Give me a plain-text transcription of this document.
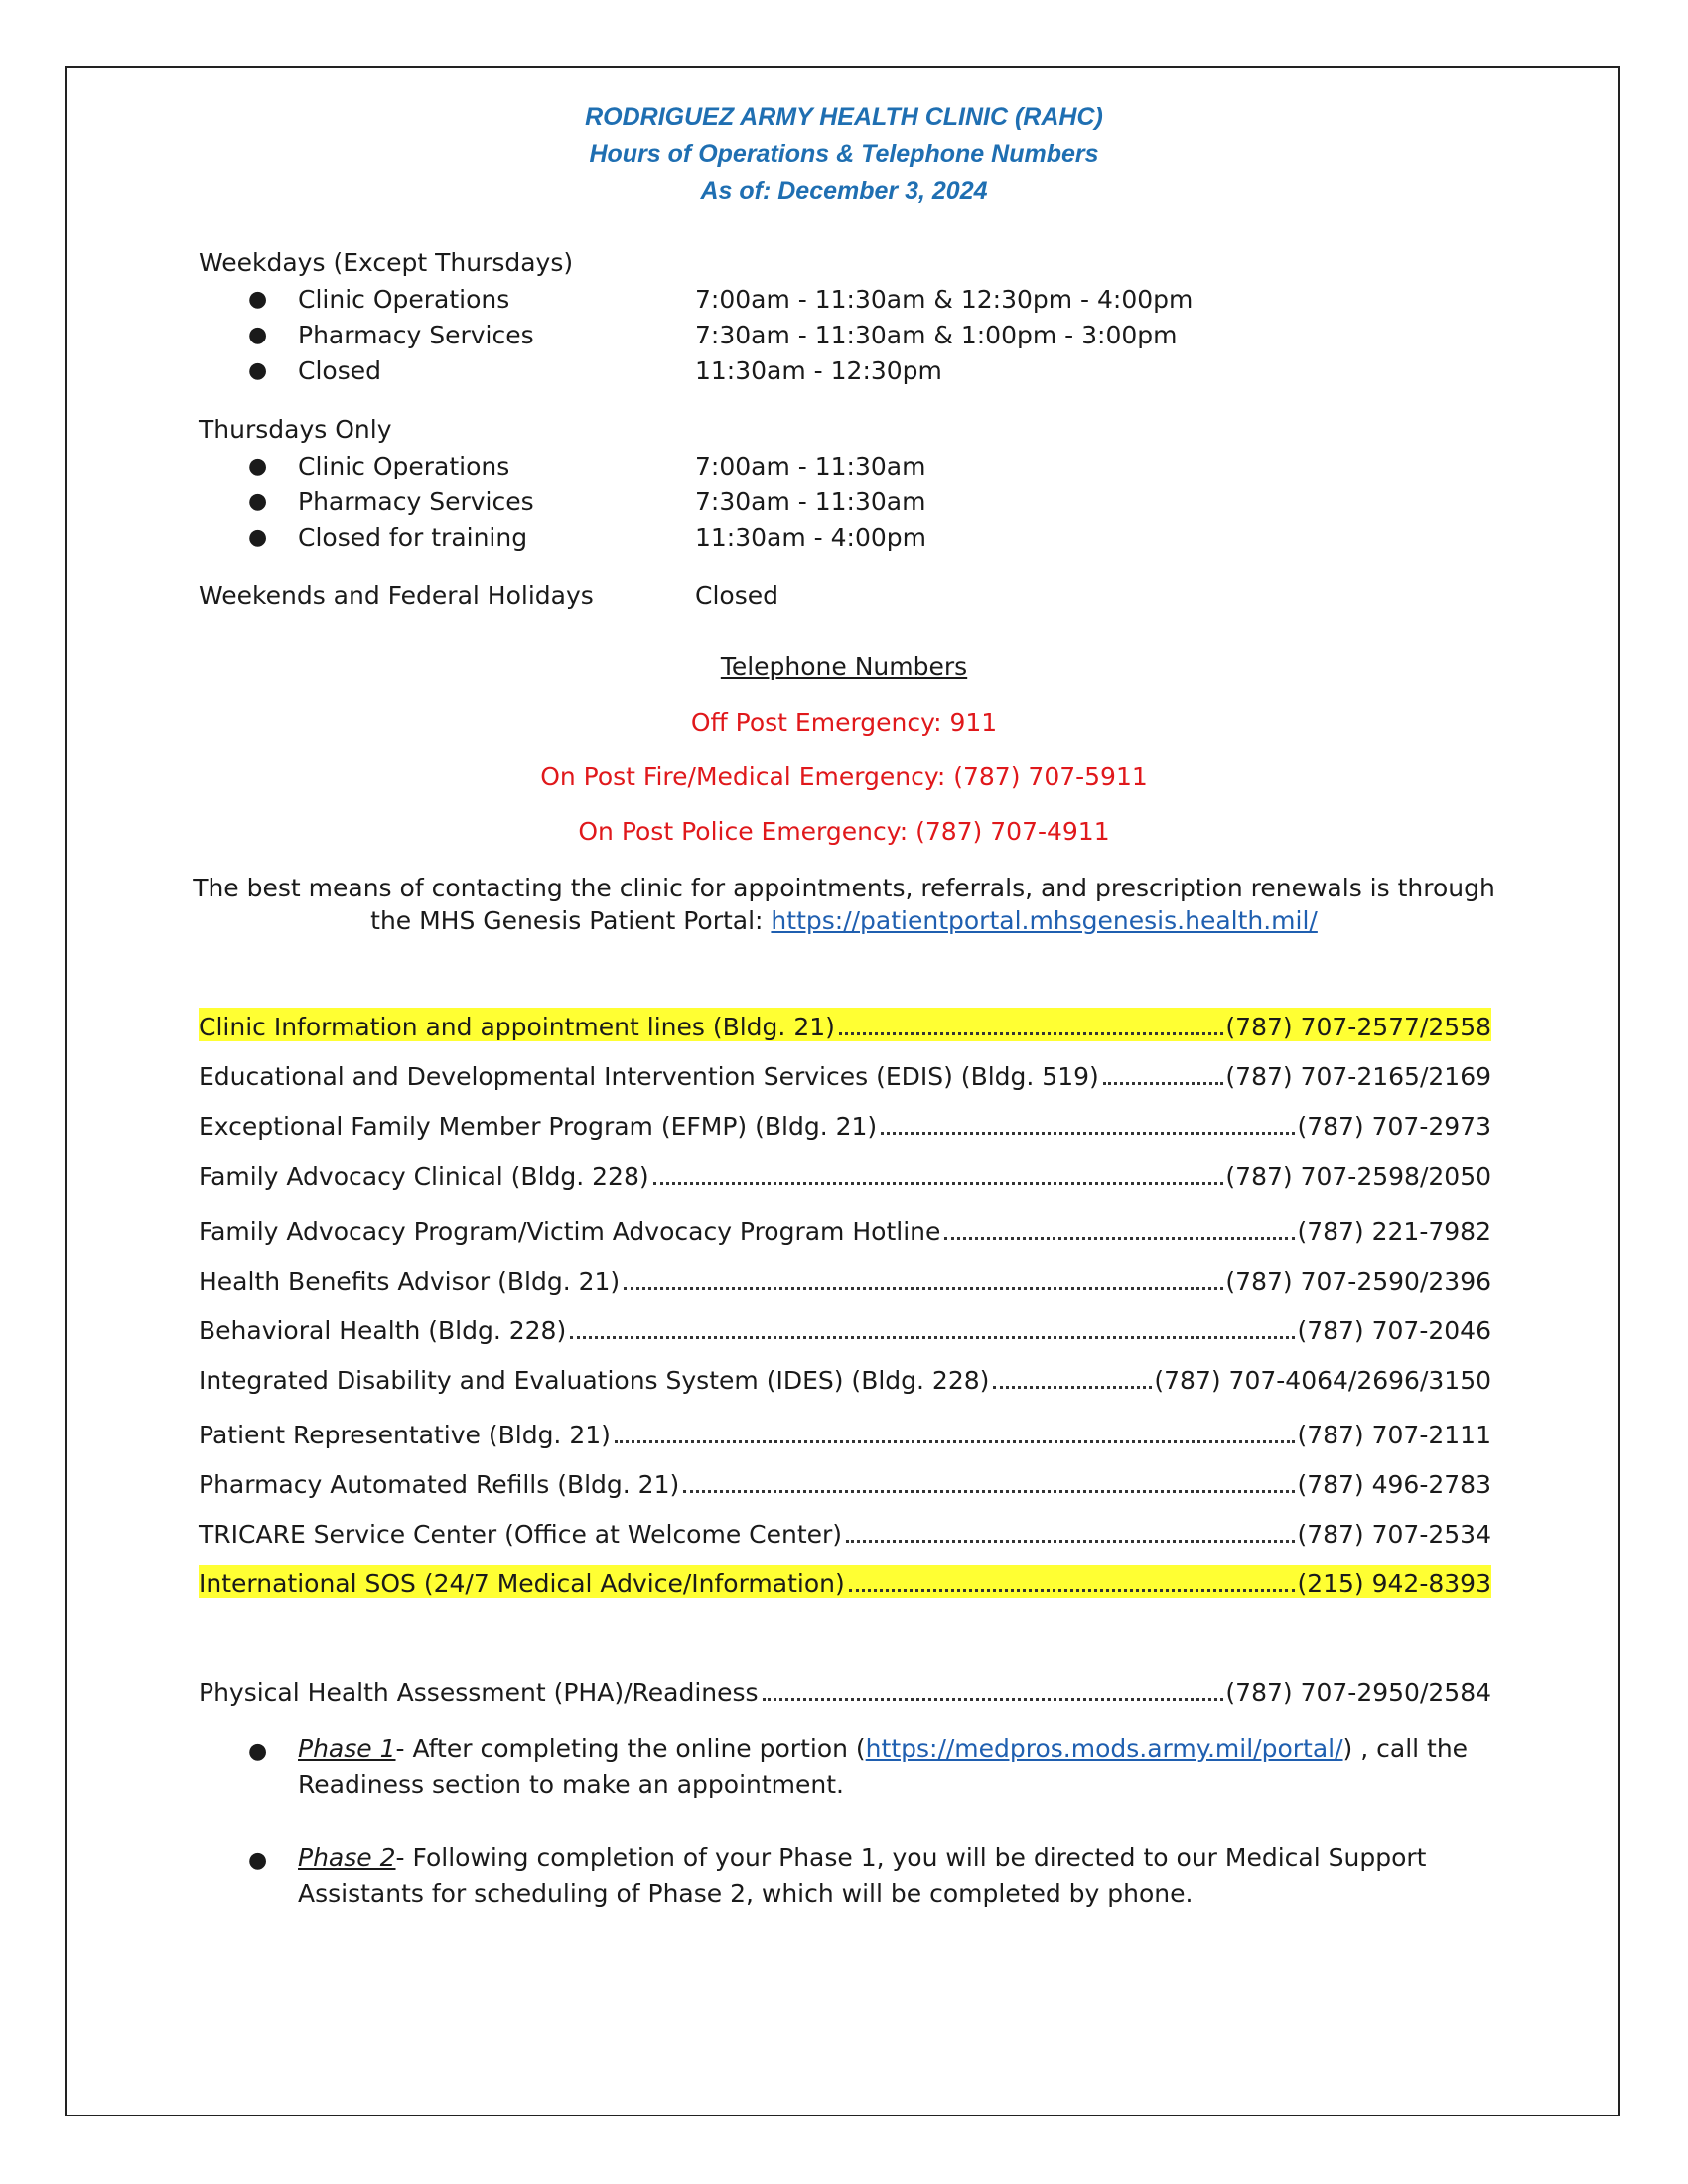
RODRIGUEZ ARMY HEALTH CLINIC (RAHC)
Hours of Operations & Telephone Numbers
As of: December 3, 2024
Weekdays (Except Thursdays)
● Clinic Operations	7:00am - 11:30am & 12:30pm - 4:00pm
● Pharmacy Services	7:30am - 11:30am & 1:00pm - 3:00pm
● Closed	11:30am - 12:30pm
Thursdays Only
● Clinic Operations	7:00am - 11:30am
● Pharmacy Services	7:30am - 11:30am
● Closed for training	11:30am - 4:00pm
Weekends and Federal Holidays	Closed
Telephone Numbers
Off Post Emergency: 911
On Post Fire/Medical Emergency: (787) 707-5911
On Post Police Emergency: (787) 707-4911
The best means of contacting the clinic for appointments, referrals, and prescription renewals is through
the MHS Genesis Patient Portal: https://patientportal.mhsgenesis.health.mil/
Clinic Information and appointment lines (Bldg. 21)	(787) 707-2577/2558
Educational and Developmental Intervention Services (EDIS) (Bldg. 519)	(787) 707-2165/2169
Exceptional Family Member Program (EFMP) (Bldg. 21)	(787) 707-2973
Family Advocacy Clinical (Bldg. 228)	(787) 707-2598/2050
Family Advocacy Program/Victim Advocacy Program Hotline	(787) 221-7982
Health Benefits Advisor (Bldg. 21)	(787) 707-2590/2396
Behavioral Health (Bldg. 228)	(787) 707-2046
Integrated Disability and Evaluations System (IDES) (Bldg. 228)	(787) 707-4064/2696/3150
Patient Representative (Bldg. 21)	(787) 707-2111
Pharmacy Automated Refills (Bldg. 21)	(787) 496-2783
TRICARE Service Center (Office at Welcome Center)	(787) 707-2534
International SOS (24/7 Medical Advice/Information)	(215) 942-8393
Physical Health Assessment (PHA)/Readiness	(787) 707-2950/2584
● Phase 1- After completing the online portion (https://medpros.mods.army.mil/portal/) , call the
Readiness section to make an appointment.
● Phase 2- Following completion of your Phase 1, you will be directed to our Medical Support
Assistants for scheduling of Phase 2, which will be completed by phone.
